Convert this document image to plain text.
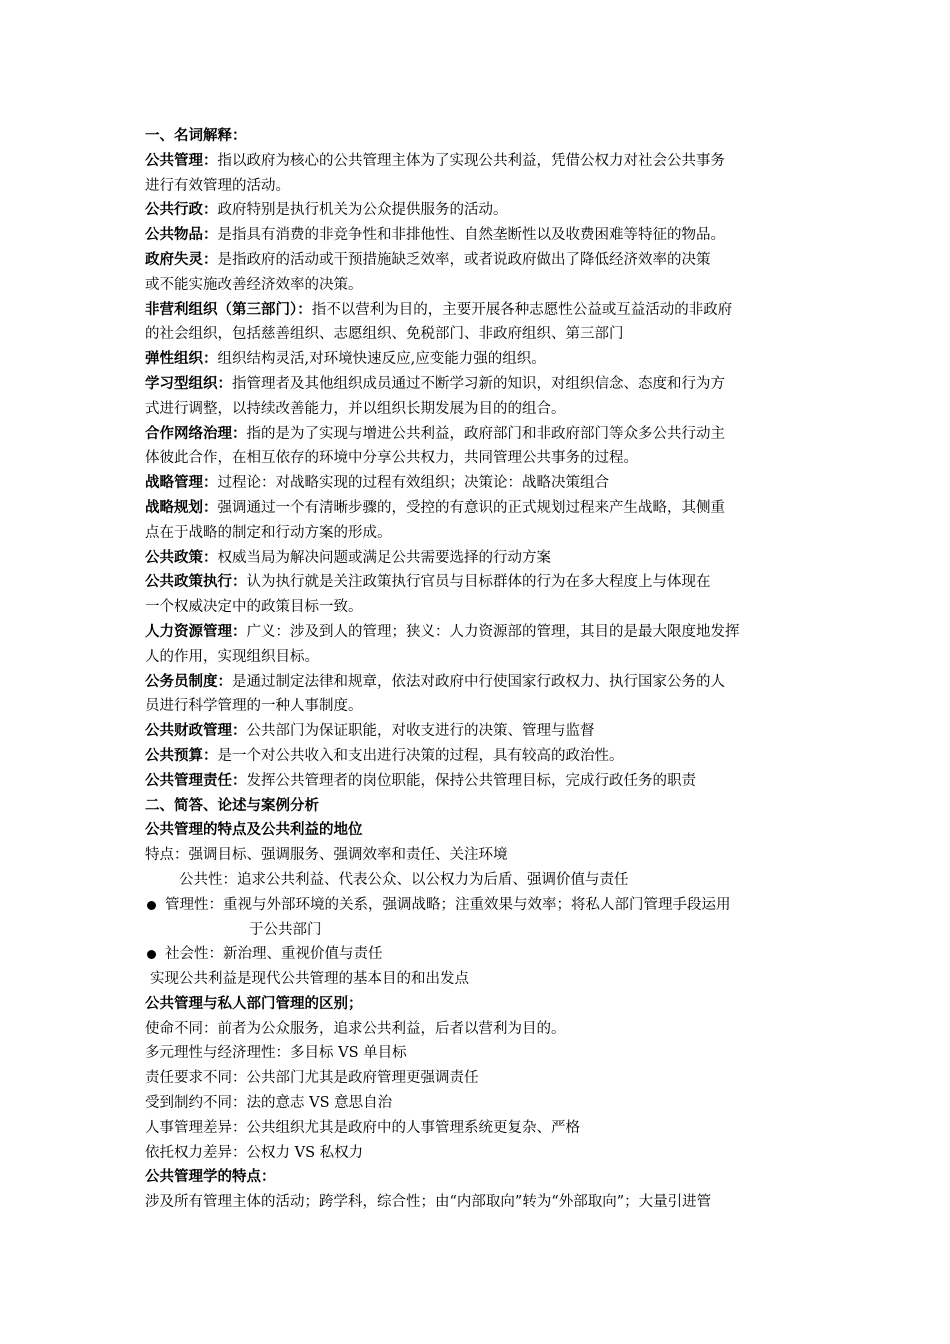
一、名词解释：
公共管理：指以政府为核心的公共管理主体为了实现公共利益，凭借公权力对社会公共事务
进行有效管理的活动。
公共行政：政府特别是执行机关为公众提供服务的活动。
公共物品：是指具有消费的非竞争性和非排他性、自然垄断性以及收费困难等特征的物品。
政府失灵：是指政府的活动或干预措施缺乏效率，或者说政府做出了降低经济效率的决策
或不能实施改善经济效率的决策。
非营利组织（第三部门）：指不以营利为目的，主要开展各种志愿性公益或互益活动的非政府
的社会组织，包括慈善组织、志愿组织、免税部门、非政府组织、第三部门
弹性组织：组织结构灵活,对环境快速反应,应变能力强的组织。
学习型组织：指管理者及其他组织成员通过不断学习新的知识，对组织信念、态度和行为方
式进行调整，以持续改善能力，并以组织长期发展为目的的组合。
合作网络治理：指的是为了实现与增进公共利益，政府部门和非政府部门等众多公共行动主
体彼此合作，在相互依存的环境中分享公共权力，共同管理公共事务的过程。
战略管理：过程论：对战略实现的过程有效组织；决策论：战略决策组合
战略规划：强调通过一个有清晰步骤的，受控的有意识的正式规划过程来产生战略，其侧重
点在于战略的制定和行动方案的形成。
公共政策：权威当局为解决问题或满足公共需要选择的行动方案
公共政策执行：认为执行就是关注政策执行官员与目标群体的行为在多大程度上与体现在
一个权威决定中的政策目标一致。
人力资源管理：广义：涉及到人的管理；狭义：人力资源部的管理，其目的是最大限度地发挥
人的作用，实现组织目标。
公务员制度：是通过制定法律和规章，依法对政府中行使国家行政权力、执行国家公务的人
员进行科学管理的一种人事制度。
公共财政管理：公共部门为保证职能，对收支进行的决策、管理与监督
公共预算：是一个对公共收入和支出进行决策的过程，具有较高的政治性。
公共管理责任：发挥公共管理者的岗位职能，保持公共管理目标，完成行政任务的职责
二、简答、论述与案例分析
公共管理的特点及公共利益的地位
特点：强调目标、强调服务、强调效率和责任、关注环境
公共性：追求公共利益、代表公众、以公权力为后盾、强调价值与责任
管理性：重视与外部环境的关系，强调战略；注重效果与效率；将私人部门管理手段运用
于公共部门
社会性：新治理、重视价值与责任
实现公共利益是现代公共管理的基本目的和出发点
公共管理与私人部门管理的区别；
使命不同：前者为公众服务，追求公共利益，后者以营利为目的。
多元理性与经济理性：多目标 VS 单目标
责任要求不同：公共部门尤其是政府管理更强调责任
受到制约不同：法的意志 VS 意思自治
人事管理差异：公共组织尤其是政府中的人事管理系统更复杂、严格
依托权力差异：公权力 VS 私权力
公共管理学的特点：
涉及所有管理主体的活动；跨学科，综合性；由“内部取向”转为“外部取向”；大量引进管
